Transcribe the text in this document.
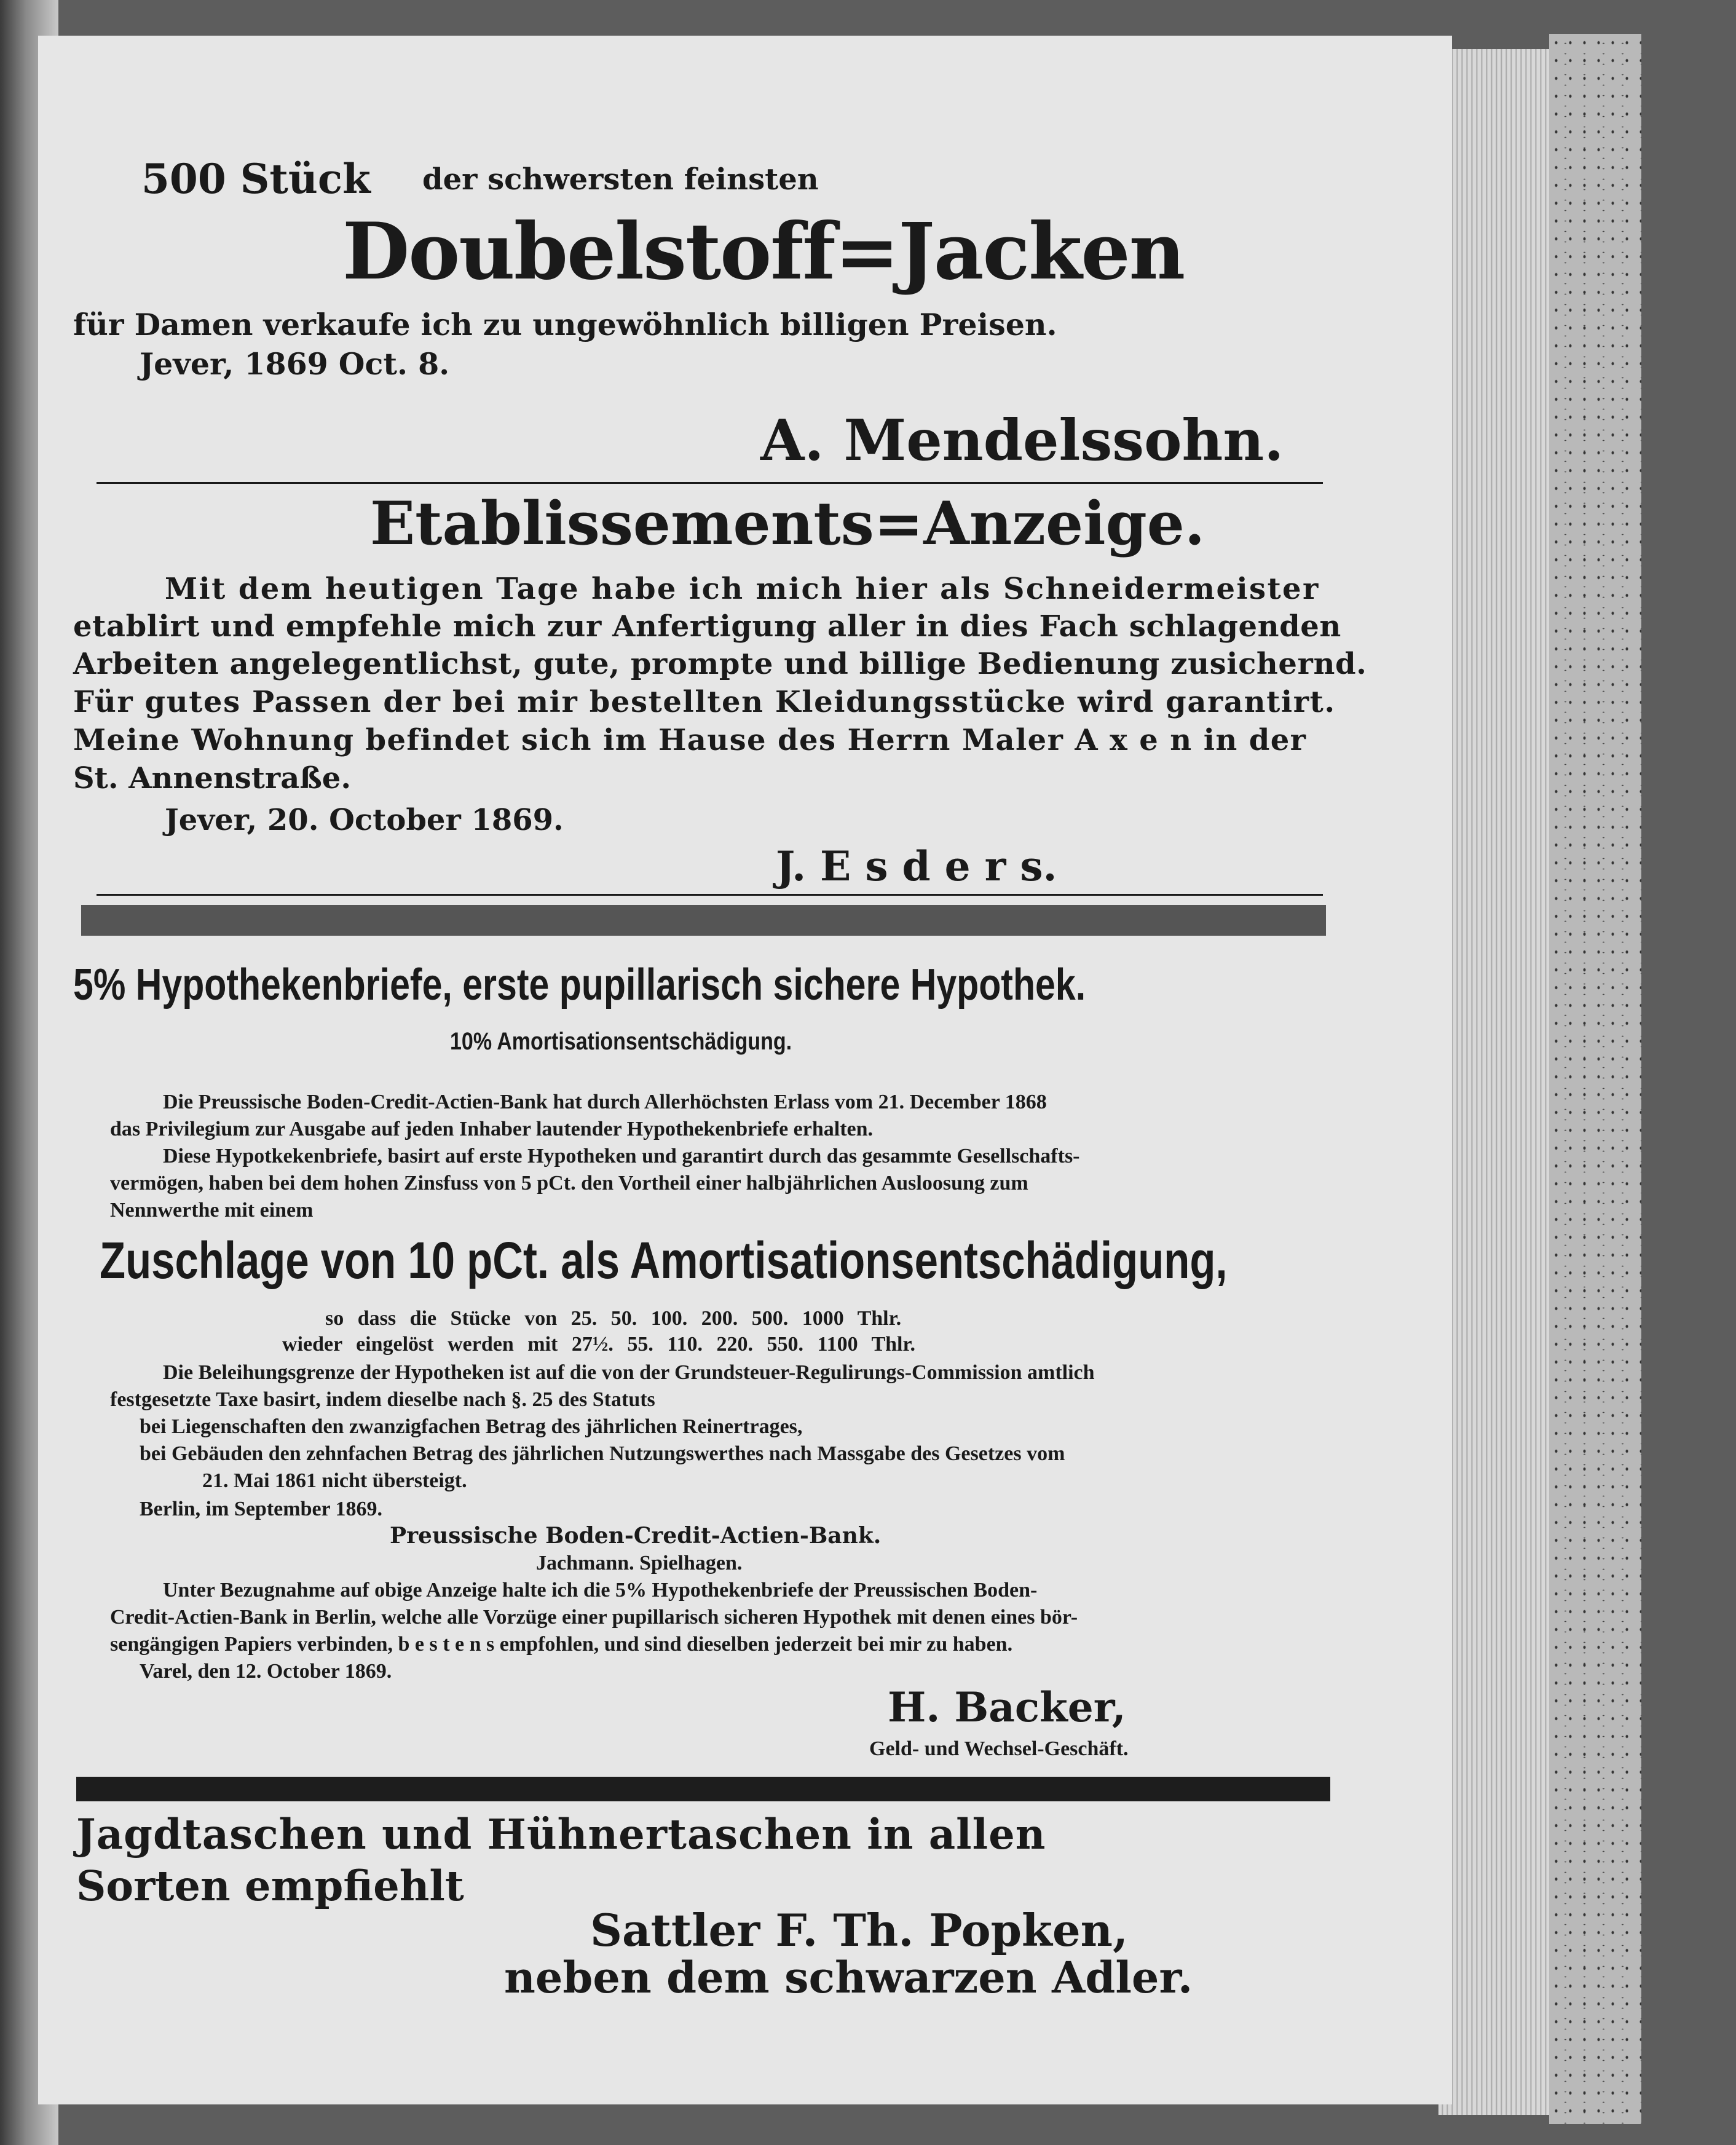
500 Stück der schwersten feinsten

Doubelstoff=Jacken

für Damen verkaufe ich zu ungewöhnlich billigen Preisen.

Jever, 1869 Oct. 8.

A. Mendelssohn.

Etablissements=Anzeige.

Mit dem heutigen Tage habe ich mich hier als Schneidermeister

etablirt und empfehle mich zur Anfertigung aller in dies Fach schlagenden

Arbeiten angelegentlichst, gute, prompte und billige Bedienung zusichernd.

Für gutes Passen der bei mir bestellten Kleidungsstücke wird garantirt.

Meine Wohnung befindet sich im Hause des Herrn Maler A x e n in der

St. Annenstraße.

Jever, 20. October 1869.

J. E s d e r s.

5% Hypothekenbriefe, erste pupillarisch sichere Hypothek.

10% Amortisationsentschädigung.

Die Preussische Boden-Credit-Actien-Bank hat durch Allerhöchsten Erlass vom 21. December 1868

das Privilegium zur Ausgabe auf jeden Inhaber lautender Hypothekenbriefe erhalten.

Diese Hypotkekenbriefe, basirt auf erste Hypotheken und garantirt durch das gesammte Gesellschafts-

vermögen, haben bei dem hohen Zinsfuss von 5 pCt. den Vortheil einer halbjährlichen Ausloosung zum

Nennwerthe mit einem

Zuschlage von 10 pCt. als Amortisationsentschädigung,

so dass die Stücke von 25. 50. 100. 200. 500. 1000 Thlr.

wieder eingelöst werden mit 27½. 55. 110. 220. 550. 1100 Thlr.

Die Beleihungsgrenze der Hypotheken ist auf die von der Grundsteuer-Regulirungs-Commission amtlich

festgesetzte Taxe basirt, indem dieselbe nach §. 25 des Statuts

bei Liegenschaften den zwanzigfachen Betrag des jährlichen Reinertrages,

bei Gebäuden den zehnfachen Betrag des jährlichen Nutzungswerthes nach Massgabe des Gesetzes vom

21. Mai 1861 nicht übersteigt.

Berlin, im September 1869.

Preussische Boden-Credit-Actien-Bank.

Jachmann. Spielhagen.

Unter Bezugnahme auf obige Anzeige halte ich die 5% Hypothekenbriefe der Preussischen Boden-

Credit-Actien-Bank in Berlin, welche alle Vorzüge einer pupillarisch sicheren Hypothek mit denen eines bör-

sengängigen Papiers verbinden, b e s t e n s empfohlen, und sind dieselben jederzeit bei mir zu haben.

Varel, den 12. October 1869.

H. Backer,

Geld- und Wechsel-Geschäft.

Jagdtaschen und Hühnertaschen in allen

Sorten empfiehlt

Sattler F. Th. Popken,

neben dem schwarzen Adler.
